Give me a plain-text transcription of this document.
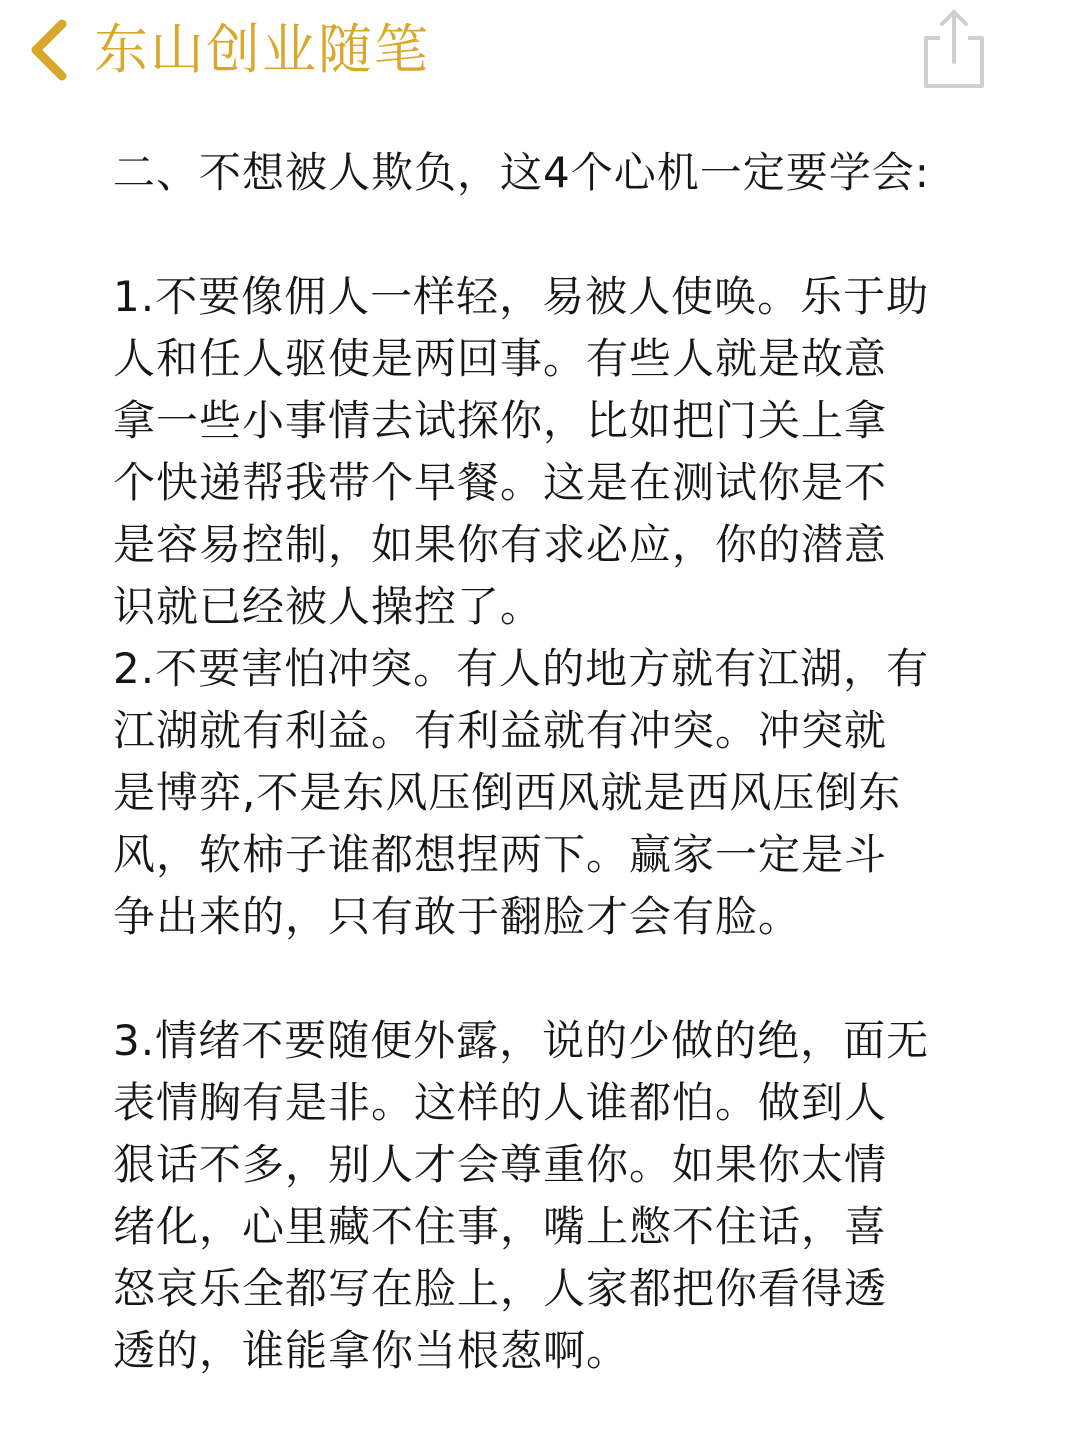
东山创业随笔
二、不想被人欺负，这4个心机一定要学会:
1.不要像佣人一样轻，易被人使唤。乐于助
人和任人驱使是两回事。有些人就是故意
拿一些小事情去试探你，比如把门关上拿
个快递帮我带个早餐。这是在测试你是不
是容易控制，如果你有求必应，你的潜意
识就已经被人操控了。
2.不要害怕冲突。有人的地方就有江湖，有
江湖就有利益。有利益就有冲突。冲突就
是博弈,不是东风压倒西风就是西风压倒东
风，软柿子谁都想捏两下。赢家一定是斗
争出来的，只有敢于翻脸才会有脸。
3.情绪不要随便外露，说的少做的绝，面无
表情胸有是非。这样的人谁都怕。做到人
狠话不多，别人才会尊重你。如果你太情
绪化，心里藏不住事，嘴上憋不住话，喜
怒哀乐全都写在脸上，人家都把你看得透
透的，谁能拿你当根葱啊。
